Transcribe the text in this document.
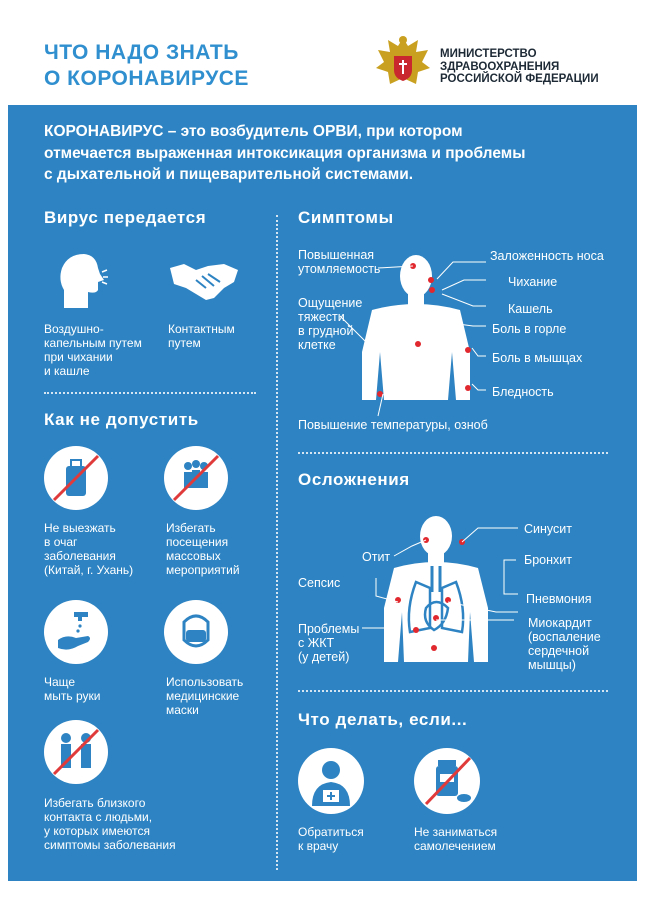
ЧТО НАДО ЗНАТЬ
О КОРОНАВИРУСЕ
МИНИСТЕРСТВО
ЗДРАВООХРАНЕНИЯ
РОССИЙСКОЙ ФЕДЕРАЦИИ
КОРОНАВИРУС – это возбудитель ОРВИ, при котором
отмечается выраженная интоксикация организма и проблемы
с дыхательной и пищеварительной системами.
Вирус передается
Воздушно-
капельным путем
при чихании
и кашле
Контактным
путем
Как не допустить
Не выезжать
в очаг
заболевания
(Китай, г. Ухань)
Избегать
посещения
массовых
мероприятий
Чаще
мыть руки
Использовать
медицинские
маски
Избегать близкого
контакта с людьми,
у которых имеются
симптомы заболевания
Симптомы
Повышенная
утомляемость
Ощущение
тяжести
в грудной
клетке
Заложенность носа
Чихание
Кашель
Боль в горле
Боль в мышцах
Бледность
Повышение температуры, озноб
Осложнения
Отит
Сепсис
Проблемы
с ЖКТ
(у детей)
Синусит
Бронхит
Пневмония
Миокардит
(воспаление
сердечной
мышцы)
Что делать, если...
Обратиться
к врачу
Не заниматься
самолечением
